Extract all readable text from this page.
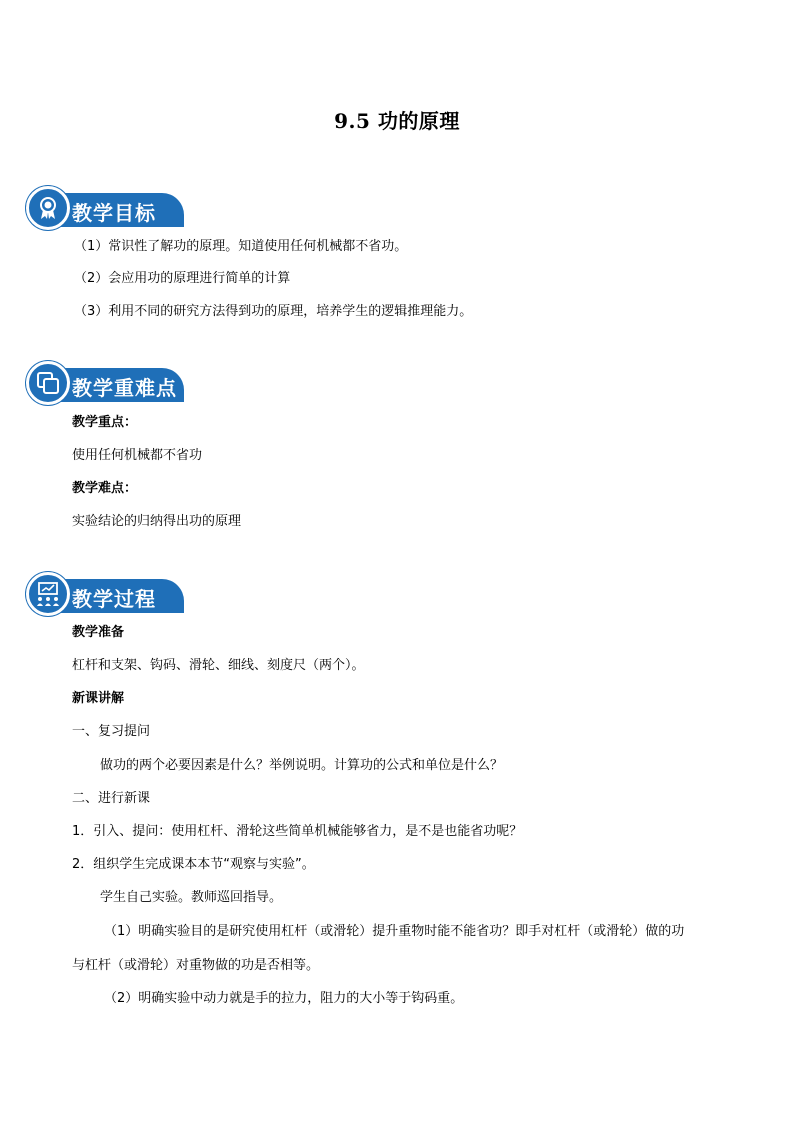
9.5 功的原理
教学目标
（1）常识性了解功的原理。知道使用任何机械都不省功。
（2）会应用功的原理进行简单的计算
（3）利用不同的研究方法得到功的原理，培养学生的逻辑推理能力。
教学重难点
教学重点：
使用任何机械都不省功
教学难点：
实验结论的归纳得出功的原理
教学过程
教学准备
杠杆和支架、钩码、滑轮、细线、刻度尺（两个）。
新课讲解
一、复习提问
做功的两个必要因素是什么？举例说明。计算功的公式和单位是什么？
二、进行新课
1．引入、提问：使用杠杆、滑轮这些简单机械能够省力，是不是也能省功呢？
2．组织学生完成课本本节“观察与实验”。
学生自己实验。教师巡回指导。
（1）明确实验目的是研究使用杠杆（或滑轮）提升重物时能不能省功？即手对杠杆（或滑轮）做的功
与杠杆（或滑轮）对重物做的功是否相等。
（2）明确实验中动力就是手的拉力，阻力的大小等于钩码重。
